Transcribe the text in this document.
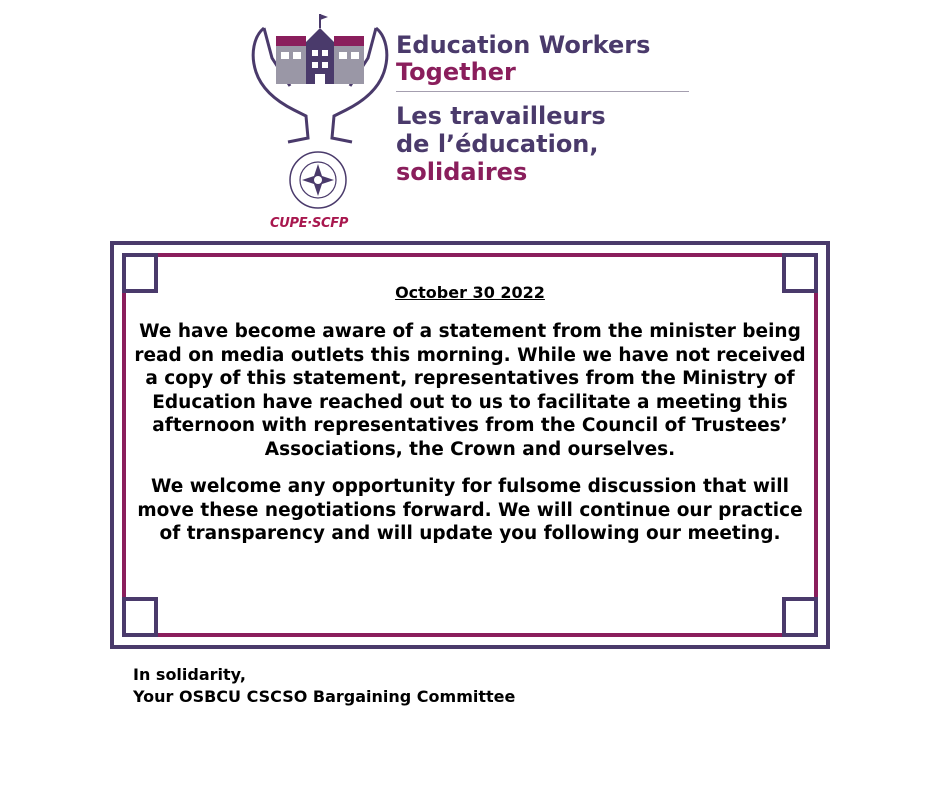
CUPE·SCFP
Education Workers
Together
Les travailleurs
de l’éducation,
solidaires

October 30 2022

We have become aware of a statement from the minister being read on media outlets this morning. While we have not received a copy of this statement, representatives from the Ministry of Education have reached out to us to facilitate a meeting this afternoon with representatives from the Council of Trustees’ Associations, the Crown and ourselves.

We welcome any opportunity for fulsome discussion that will move these negotiations forward. We will continue our practice of transparency and will update you following our meeting.

In solidarity,
Your OSBCU CSCSO Bargaining Committee
